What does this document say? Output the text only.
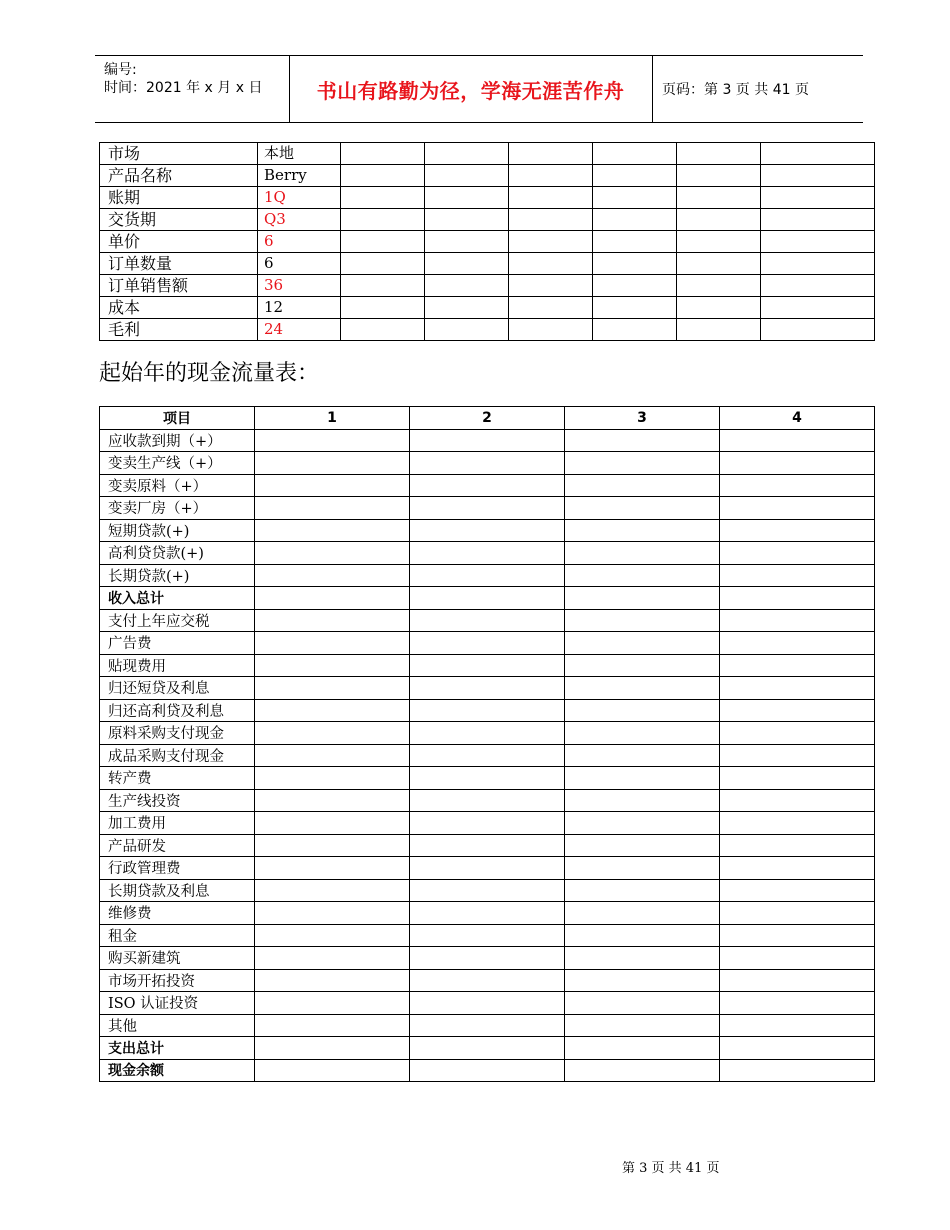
编号:
时间：2021 年 x 月 x 日	书山有路勤为径，学海无涯苦作舟	页码：第 3 页 共 41 页
市场	本地						
产品名称	Berry						
账期	1Q						
交货期	Q3						
单价	6						
订单数量	6						
订单销售额	36						
成本	12						
毛利	24						
起始年的现金流量表：
项目	1	2	3	4
应收款到期（+）				
变卖生产线（+）				
变卖原料（+）				
变卖厂房（+）				
短期贷款(+)				
高利贷贷款(+)				
长期贷款(+)				
收入总计				
支付上年应交税				
广告费				
贴现费用				
归还短贷及利息				
归还高利贷及利息				
原料采购支付现金				
成品采购支付现金				
转产费				
生产线投资				
加工费用				
产品研发				
行政管理费				
长期贷款及利息				
维修费				
租金				
购买新建筑				
市场开拓投资				
ISO 认证投资				
其他				
支出总计				
现金余额				
第 3 页 共 41 页
